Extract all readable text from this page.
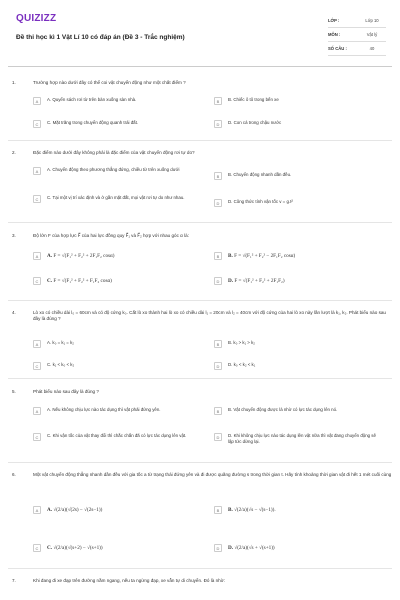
QUIZIZZ
Đề thi học kì 1 Vật Lí 10 có đáp án (Đề 3 - Trắc nghiệm)
LỚP :	Lớp 10
MÔN :	Vật lý
SỐ CÂU :	40
1.	Trường hợp nào dưới đây có thể coi vật chuyển động như một chất điểm ?
A	A. Quyển sách rơi từ trên bàn xuống sàn nhà.	B	B. Chiếc ô tô trong bến xe
C	C. Mặt trăng trong chuyển động quanh trái đất.	D	D. Con cá trong chậu nước
2.	Đặc điểm nào dưới đây không phải là đặc điểm của vật chuyển động rơi tự do?
A	A. Chuyển động theo phương thẳng đứng, chiều từ trên xuống dưới
B	B. Chuyển động nhanh dần đều.
C	C. Tại một vị trí xác định và ở gần mặt đất, mọi vật rơi tự do như nhau.
D	D. Công thức tính vận tốc v = g.t²
3.	Độ lớn F của hợp lực F⃗ của hai lực đồng quy F⃗₁ và F⃗₂ hợp với nhau góc α là:
A	A. F = √(F₁² + F₂² + 2F₁F₂ cosα)	B	B. F = √(F₁² + F₂² − 2F₁F₂ cosα)
C	C. F = √(F₁² + F₂² + F₁F₂ cosα)	D	D. F = √(F₁² + F₂² + 2F₁F₂)
4.	Lò xo có chiều dài l₀ = 60cm và có độ cứng k₀. Cắt lò xo thành hai lò xo có chiều dài l₁ = 20cm và l₂ = 40cm với độ cứng của hai lò xo này lần lượt là k₁, k₂. Phát biểu nào sau đây là đúng ?
A	A. k₀ = k₁ = k₂	B	B. k₀ > k₁ > k₂
C	C. k₁ < k₀ < k₂	D	D. k₀ < k₂ < k₁
5.	Phát biểu nào sau đây là đúng ?
A	A. Nếu không chịu lực nào tác dụng thì vật phải đứng yên.	B	B. Vật chuyển động được là nhờ có lực tác dụng lên nó.
C	C. Khi vận tốc của vật thay đổi thì chắc chắn đã có lực tác dụng lên vật.	D	D. Khi không chịu lực nào tác dụng lên vật nữa thì vật đang chuyển động sẽ lập tức dừng lại.
6.	Một vật chuyển động thẳng nhanh dần đều với gia tốc a từ trạng thái đứng yên và đi được quãng đường s trong thời gian t. Hãy tính khoảng thời gian vật đi hết 1 mét cuối cùng
A	A. √(2/a)(√(2s) − √(2s−1))	B	B. √(2/a)(√s − √(s−1)).
C	C. √(2/a)(√(s+2) − √(s+1))	D	D. √(2/a)(√s + √(s+1))
7.	Khi đang đi xe đạp trên đường nằm ngang, nếu ta ngừng đạp, xe vẫn tự di chuyển. Đó là nhờ:
